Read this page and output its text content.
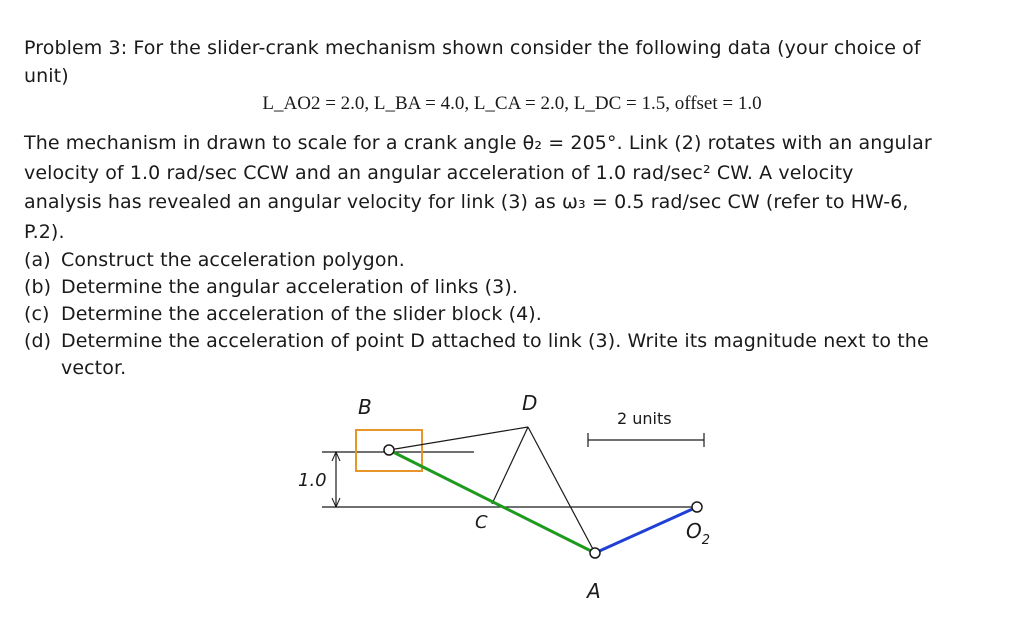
Problem 3: For the slider-crank mechanism shown consider the following data (your choice of
unit)
L_AO2 = 2.0, L_BA = 4.0, L_CA = 2.0, L_DC = 1.5, offset = 1.0
The mechanism in drawn to scale for a crank angle θ₂ = 205°. Link (2) rotates with an angular
velocity of 1.0 rad/sec CCW and an angular acceleration of 1.0 rad/sec² CW. A velocity
analysis has revealed an angular velocity for link (3) as ω₃ = 0.5 rad/sec CW (refer to HW-6,
P.2).
(a) Construct the acceleration polygon.
(b) Determine the angular acceleration of links (3).
(c) Determine the acceleration of the slider block (4).
(d) Determine the acceleration of point D attached to link (3). Write its magnitude next to the
vector.
1.0
2 units
B	D
C
A
$O_2$
